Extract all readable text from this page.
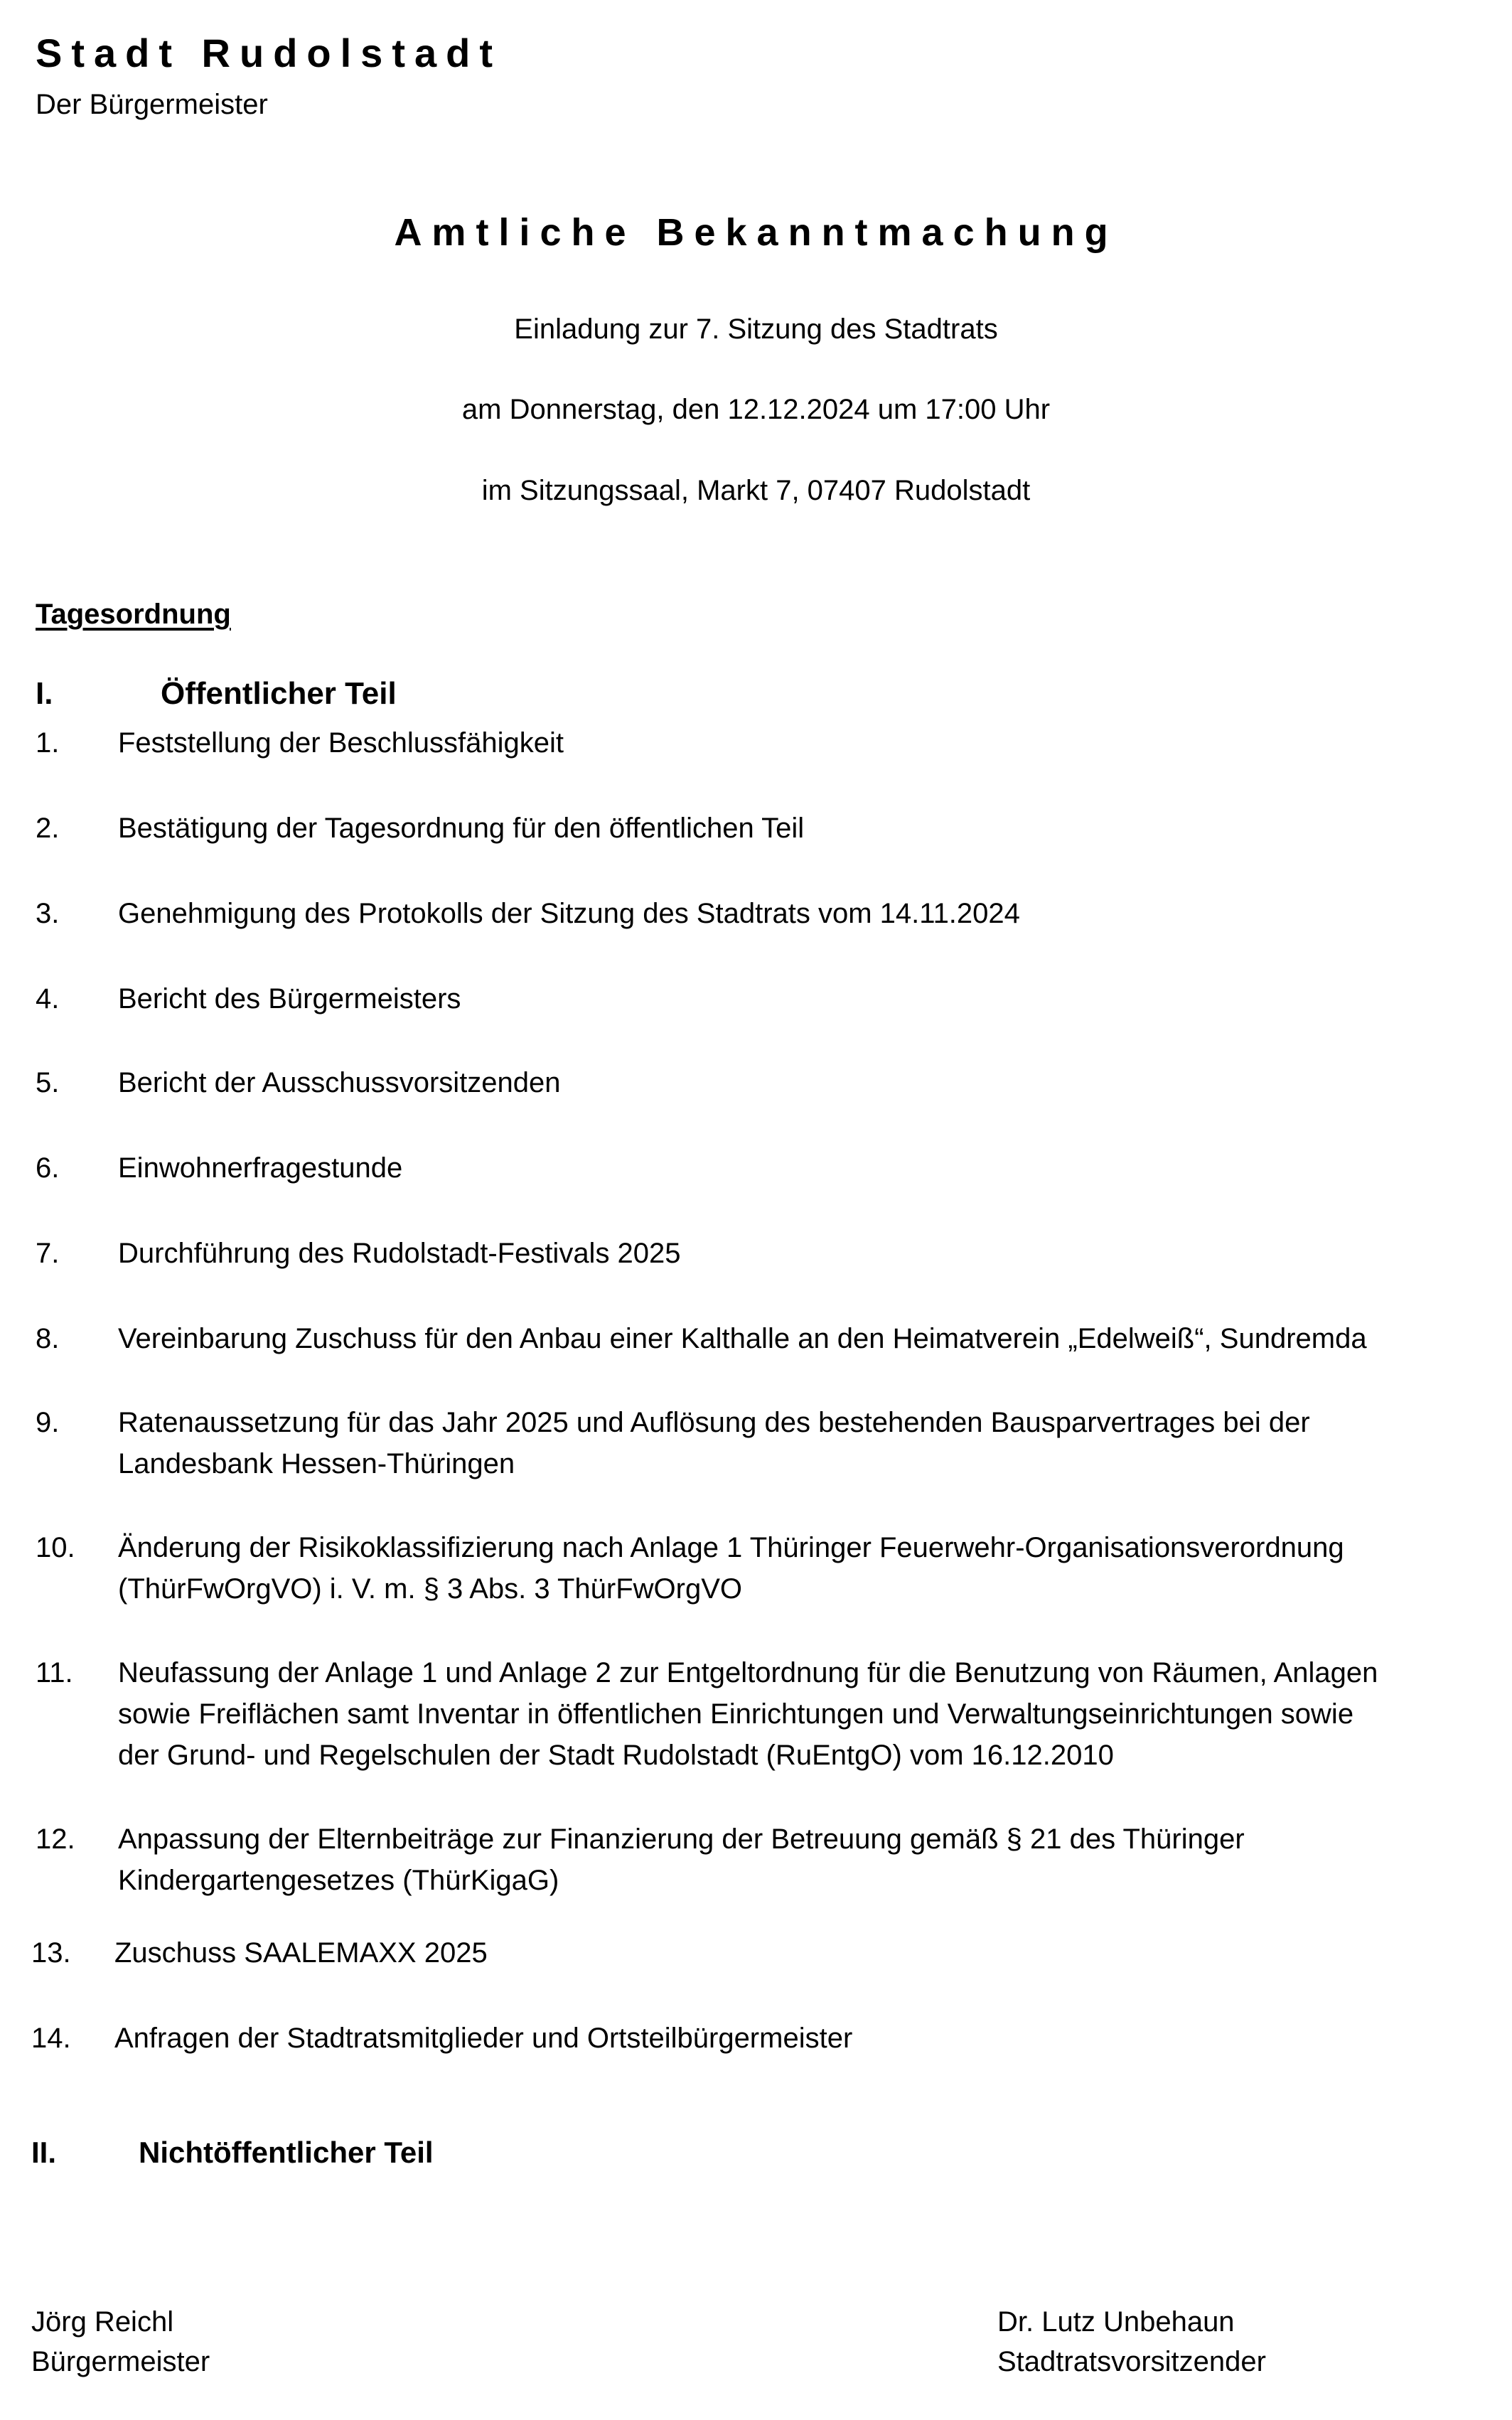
Stadt Rudolstadt
Der Bürgermeister
Amtliche Bekanntmachung
Einladung zur 7. Sitzung des Stadtrats
am Donnerstag, den 12.12.2024 um 17:00 Uhr
im Sitzungssaal, Markt 7, 07407 Rudolstadt
Tagesordnung
I.	Öffentlicher Teil
1. Feststellung der Beschlussfähigkeit
2. Bestätigung der Tagesordnung für den öffentlichen Teil
3. Genehmigung des Protokolls der Sitzung des Stadtrats vom 14.11.2024
4. Bericht des Bürgermeisters
5. Bericht der Ausschussvorsitzenden
6. Einwohnerfragestunde
7. Durchführung des Rudolstadt-Festivals 2025
8. Vereinbarung Zuschuss für den Anbau einer Kalthalle an den Heimatverein „Edelweiß“, Sundremda
9. Ratenaussetzung für das Jahr 2025 und Auflösung des bestehenden Bausparvertrages bei der
Landesbank Hessen-Thüringen
10. Änderung der Risikoklassifizierung nach Anlage 1 Thüringer Feuerwehr-Organisationsverordnung
(ThürFwOrgVO) i. V. m. § 3 Abs. 3 ThürFwOrgVO
11. Neufassung der Anlage 1 und Anlage 2 zur Entgeltordnung für die Benutzung von Räumen, Anlagen
sowie Freiflächen samt Inventar in öffentlichen Einrichtungen und Verwaltungseinrichtungen sowie
der Grund- und Regelschulen der Stadt Rudolstadt (RuEntgO) vom 16.12.2010
12. Anpassung der Elternbeiträge zur Finanzierung der Betreuung gemäß § 21 des Thüringer
Kindergartengesetzes (ThürKigaG)
13. Zuschuss SAALEMAXX 2025
14. Anfragen der Stadtratsmitglieder und Ortsteilbürgermeister
II.	Nichtöffentlicher Teil
Jörg Reichl
Bürgermeister
Dr. Lutz Unbehaun
Stadtratsvorsitzender
